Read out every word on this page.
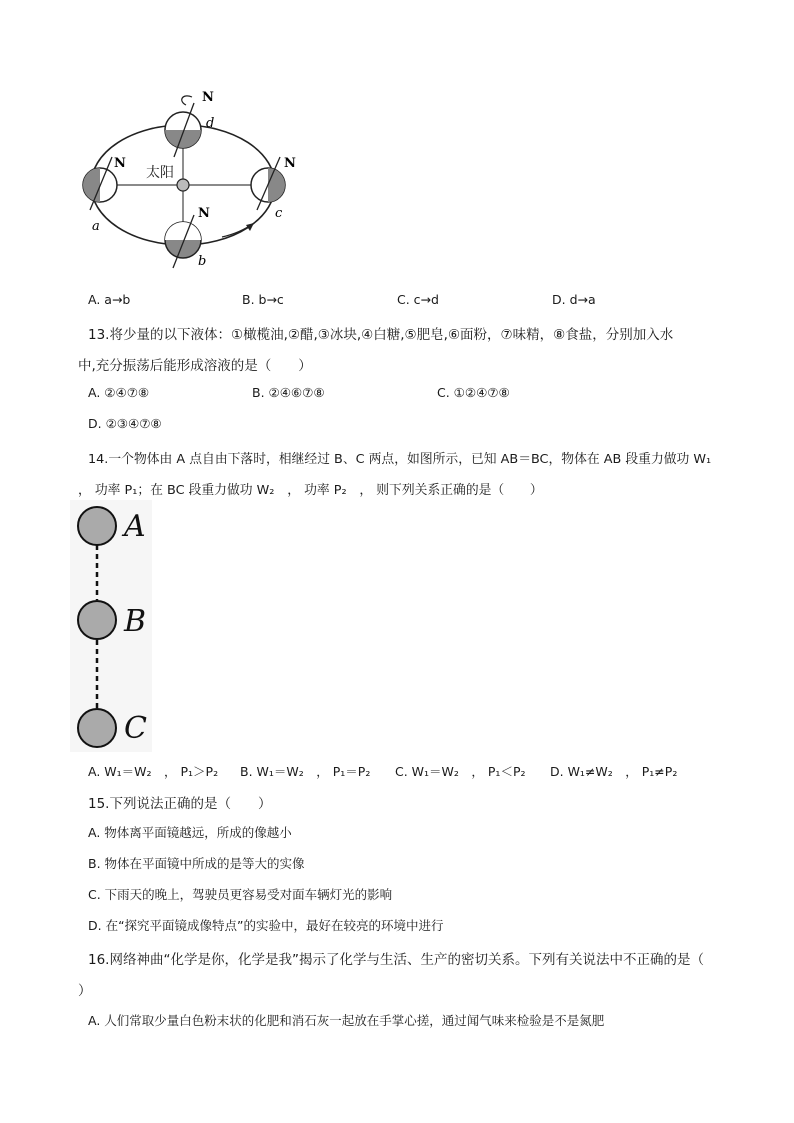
太阳
N
a
N
b
N
c
N
d
A. a→b	B. b→c	C. c→d	D. d→a
13.将少量的以下液体：①橄榄油,②醋,③冰块,④白糖,⑤肥皂,⑥面粉，⑦味精，⑧食盐，分别加入水
中,充分振荡后能形成溶液的是（　　）
A. ②④⑦⑧	B. ②④⑥⑦⑧	C. ①②④⑦⑧
D. ②③④⑦⑧
14.一个物体由 A 点自由下落时，相继经过 B、C 两点，如图所示，已知 AB＝BC，物体在 AB 段重力做功 W₁
， 功率 P₁；在 BC 段重力做功 W₂　， 功率 P₂　， 则下列关系正确的是（　　）
A
B
C
A. W₁＝W₂　， P₁＞P₂ B. W₁＝W₂　， P₁＝P₂ C. W₁＝W₂　， P₁＜P₂ D. W₁≠W₂　， P₁≠P₂
15.下列说法正确的是（　　）
A. 物体离平面镜越远，所成的像越小
B. 物体在平面镜中所成的是等大的实像
C. 下雨天的晚上，驾驶员更容易受对面车辆灯光的影响
D. 在“探究平面镜成像特点”的实验中，最好在较亮的环境中进行
16.网络神曲“化学是你，化学是我”揭示了化学与生活、生产的密切关系。下列有关说法中不正确的是（
）
A. 人们常取少量白色粉末状的化肥和消石灰一起放在手掌心搓，通过闻气味来检验是不是氮肥
